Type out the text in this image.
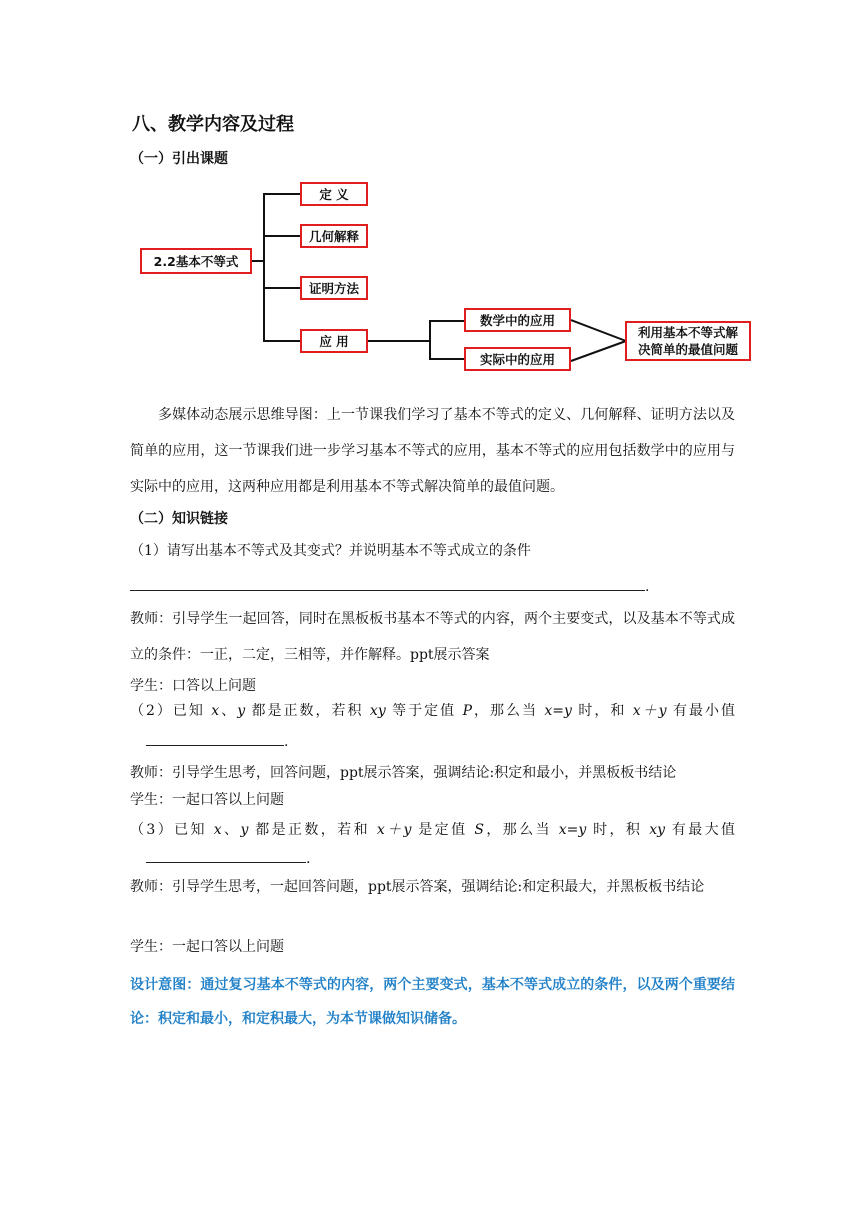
八、教学内容及过程
（一）引出课题
2.2基本不等式
定 义
几何解释
证明方法
应 用
数学中的应用
实际中的应用
利用基本不等式解
决简单的最值问题

多媒体动态展示思维导图：上一节课我们学习了基本不等式的定义、几何解释、证明方法以及简单的应用，这一节课我们进一步学习基本不等式的应用，基本不等式的应用包括数学中的应用与实际中的应用，这两种应用都是利用基本不等式解决简单的最值问题。

（二）知识链接
（1）请写出基本不等式及其变式？并说明基本不等式成立的条件
.

教师：引导学生一起回答，同时在黑板板书基本不等式的内容，两个主要变式，以及基本不等式成立的条件：一正，二定，三相等，并作解释。ppt展示答案

学生：口答以上问题
（2）已知 x、y 都是正数，若积 xy 等于定值 P，那么当 x=y 时，和 x＋y 有最小值
.
教师：引导学生思考，回答问题，ppt展示答案，强调结论:积定和最小，并黑板板书结论
学生：一起口答以上问题
（3）已知 x、y 都是正数，若和 x＋y 是定值 S，那么当 x=y 时，积 xy 有最大值
.

教师：引导学生思考，一起回答问题，ppt展示答案，强调结论:和定积最大，并黑板板书结论

学生：一起口答以上问题

设计意图：通过复习基本不等式的内容，两个主要变式，基本不等式成立的条件，以及两个重要结论：积定和最小，和定积最大，为本节课做知识储备。
